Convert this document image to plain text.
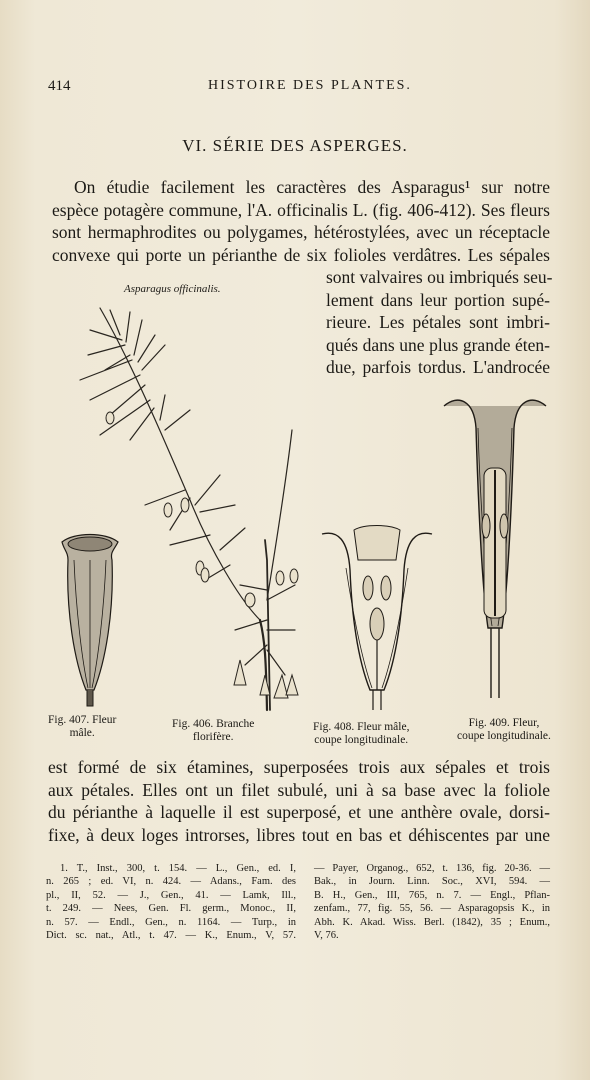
414	HISTOIRE DES PLANTES.
VI. SÉRIE DES ASPERGES.
On étudie facilement les caractères des Asparagus¹ sur notre
espèce potagère commune, l'A. officinalis L. (fig. 406-412). Ses fleurs
sont hermaphrodites ou polygames, hétérostylées, avec un réceptacle
convexe qui porte un périanthe de six folioles verdâtres. Les sépales
sont valvaires ou imbriqués seu-
lement dans leur portion supé-
rieure. Les pétales sont imbri-
qués dans une plus grande éten-
due, parfois tordus. L'androcée
Asparagus officinalis.
Fig. 407. Fleur
mâle.
Fig. 406. Branche
florifère.
Fig. 408. Fleur mâle,
coupe longitudinale.
Fig. 409. Fleur,
coupe longitudinale.
est formé de six étamines, superposées trois aux sépales et trois
aux pétales. Elles ont un filet subulé, uni à sa base avec la foliole
du périanthe à laquelle il est superposé, et une anthère ovale, dorsi-
fixe, à deux loges introrses, libres tout en bas et déhiscentes par une
1. T., Inst., 300, t. 154. — L., Gen., ed. I,
n. 265 ; ed. VI, n. 424. — Adans., Fam. des
pl., II, 52. — J., Gen., 41. — Lamk, Ill.,
t. 249. — Nees, Gen. Fl. germ., Monoc., II,
n. 57. — Endl., Gen., n. 1164. — Turp., in
Dict. sc. nat., Atl., t. 47. — K., Enum., V, 57.
— Payer, Organog., 652, t. 136, fig. 20-36. —
Bak., in Journ. Linn. Soc., XVI, 594. —
B. H., Gen., III, 765, n. 7. — Engl., Pflan-
zenfam., 77, fig. 55, 56. — Asparagopsis K., in
Abh. K. Akad. Wiss. Berl. (1842), 35 ; Enum.,
V, 76.
